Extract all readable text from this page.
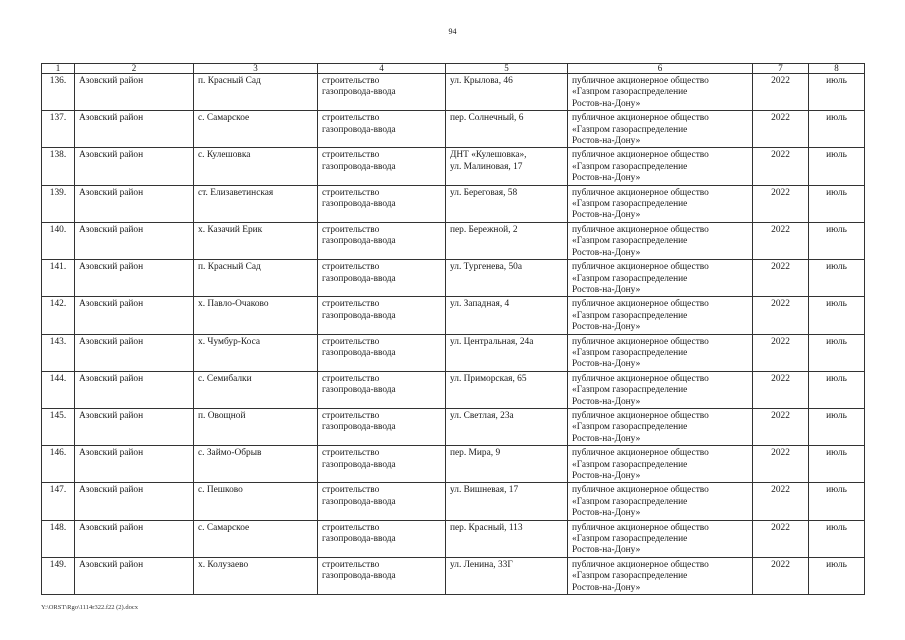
94
1	2	3	4	5	6	7	8
136.	Азовский район	п. Красный Сад	строительство
газопровода-ввода	ул. Крылова, 46	публичное акционерное общество
«Газпром газораспределение
Ростов-на-Дону»	2022	июль
137.	Азовский район	с. Самарское	строительство
газопровода-ввода	пер. Солнечный, 6	публичное акционерное общество
«Газпром газораспределение
Ростов-на-Дону»	2022	июль
138.	Азовский район	с. Кулешовка	строительство
газопровода-ввода	ДНТ «Кулешовка»,
ул. Малиновая, 17	публичное акционерное общество
«Газпром газораспределение
Ростов-на-Дону»	2022	июль
139.	Азовский район	ст. Елизаветинская	строительство
газопровода-ввода	ул. Береговая, 58	публичное акционерное общество
«Газпром газораспределение
Ростов-на-Дону»	2022	июль
140.	Азовский район	х. Казачий Ерик	строительство
газопровода-ввода	пер. Бережной, 2	публичное акционерное общество
«Газпром газораспределение
Ростов-на-Дону»	2022	июль
141.	Азовский район	п. Красный Сад	строительство
газопровода-ввода	ул. Тургенева, 50а	публичное акционерное общество
«Газпром газораспределение
Ростов-на-Дону»	2022	июль
142.	Азовский район	х. Павло-Очаково	строительство
газопровода-ввода	ул. Западная, 4	публичное акционерное общество
«Газпром газораспределение
Ростов-на-Дону»	2022	июль
143.	Азовский район	х. Чумбур-Коса	строительство
газопровода-ввода	ул. Центральная, 24а	публичное акционерное общество
«Газпром газораспределение
Ростов-на-Дону»	2022	июль
144.	Азовский район	с. Семибалки	строительство
газопровода-ввода	ул. Приморская, 65	публичное акционерное общество
«Газпром газораспределение
Ростов-на-Дону»	2022	июль
145.	Азовский район	п. Овощной	строительство
газопровода-ввода	ул. Светлая, 23а	публичное акционерное общество
«Газпром газораспределение
Ростов-на-Дону»	2022	июль
146.	Азовский район	с. Займо-Обрыв	строительство
газопровода-ввода	пер. Мира, 9	публичное акционерное общество
«Газпром газораспределение
Ростов-на-Дону»	2022	июль
147.	Азовский район	с. Пешково	строительство
газопровода-ввода	ул. Вишневая, 17	публичное акционерное общество
«Газпром газораспределение
Ростов-на-Дону»	2022	июль
148.	Азовский район	с. Самарское	строительство
газопровода-ввода	пер. Красный, 113	публичное акционерное общество
«Газпром газораспределение
Ростов-на-Дону»	2022	июль
149.	Азовский район	х. Колузаево	строительство
газопровода-ввода	ул. Ленина, 33Г	публичное акционерное общество
«Газпром газораспределение
Ростов-на-Дону»	2022	июль
Y:\ORST\Rgo\1114r322.f22 (2).docx
